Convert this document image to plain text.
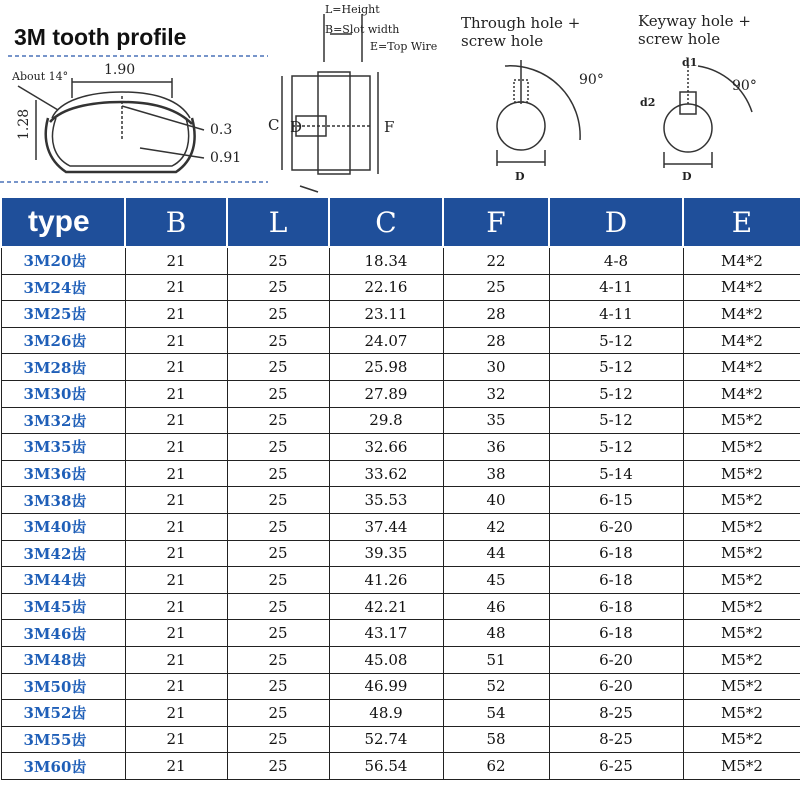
3M tooth profile
About 14°	1.90
1.28	0.3
0.91
L=Height
B=Slot width
E=Top Wire
C D	F
Through hole +
screw hole
90°
D
Keyway hole +
screw hole
d1
d2
90°
D
type	B	L	C	F	D	E
3M20齿	21	25	18.34	22	4-8	M4*2
3M24齿	21	25	22.16	25	4-11	M4*2
3M25齿	21	25	23.11	28	4-11	M4*2
3M26齿	21	25	24.07	28	5-12	M4*2
3M28齿	21	25	25.98	30	5-12	M4*2
3M30齿	21	25	27.89	32	5-12	M4*2
3M32齿	21	25	29.8	35	5-12	M5*2
3M35齿	21	25	32.66	36	5-12	M5*2
3M36齿	21	25	33.62	38	5-14	M5*2
3M38齿	21	25	35.53	40	6-15	M5*2
3M40齿	21	25	37.44	42	6-20	M5*2
3M42齿	21	25	39.35	44	6-18	M5*2
3M44齿	21	25	41.26	45	6-18	M5*2
3M45齿	21	25	42.21	46	6-18	M5*2
3M46齿	21	25	43.17	48	6-18	M5*2
3M48齿	21	25	45.08	51	6-20	M5*2
3M50齿	21	25	46.99	52	6-20	M5*2
3M52齿	21	25	48.9	54	8-25	M5*2
3M55齿	21	25	52.74	58	8-25	M5*2
3M60齿	21	25	56.54	62	6-25	M5*2
